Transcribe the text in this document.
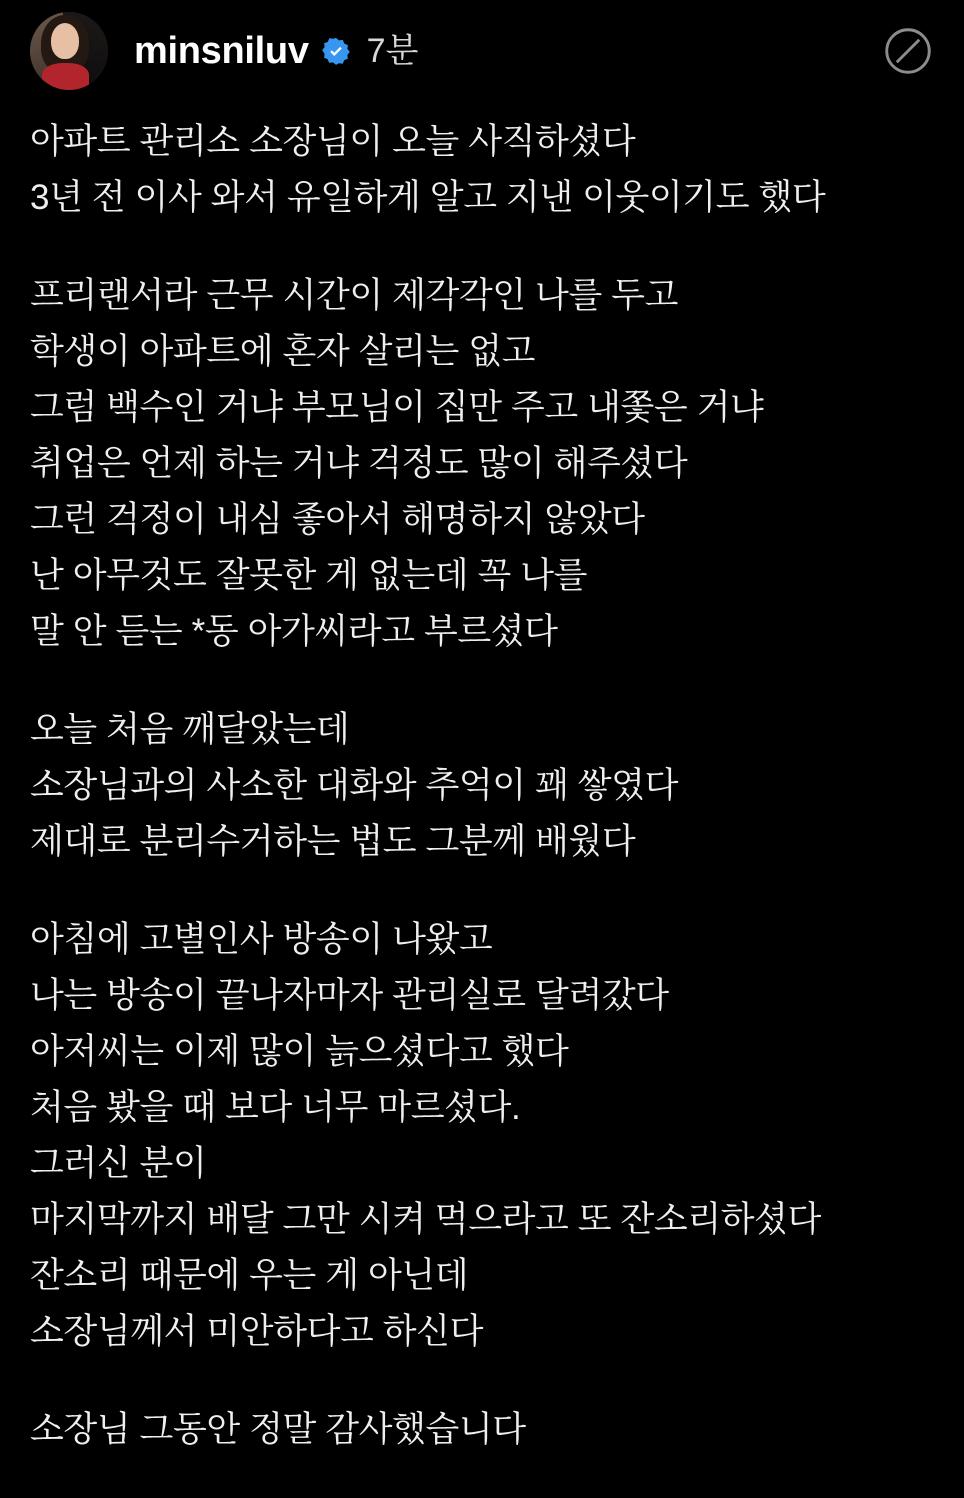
minsniluv 7분
아파트 관리소 소장님이 오늘 사직하셨다
3년 전 이사 와서 유일하게 알고 지낸 이웃이기도 했다
프리랜서라 근무 시간이 제각각인 나를 두고
학생이 아파트에 혼자 살리는 없고
그럼 백수인 거냐 부모님이 집만 주고 내쫓은 거냐
취업은 언제 하는 거냐 걱정도 많이 해주셨다
그런 걱정이 내심 좋아서 해명하지 않았다
난 아무것도 잘못한 게 없는데 꼭 나를
말 안 듣는 *동 아가씨라고 부르셨다
오늘 처음 깨달았는데
소장님과의 사소한 대화와 추억이 꽤 쌓였다
제대로 분리수거하는 법도 그분께 배웠다
아침에 고별인사 방송이 나왔고
나는 방송이 끝나자마자 관리실로 달려갔다
아저씨는 이제 많이 늙으셨다고 했다
처음 봤을 때 보다 너무 마르셨다.
그러신 분이
마지막까지 배달 그만 시켜 먹으라고 또 잔소리하셨다
잔소리 때문에 우는 게 아닌데
소장님께서 미안하다고 하신다
소장님 그동안 정말 감사했습니다
